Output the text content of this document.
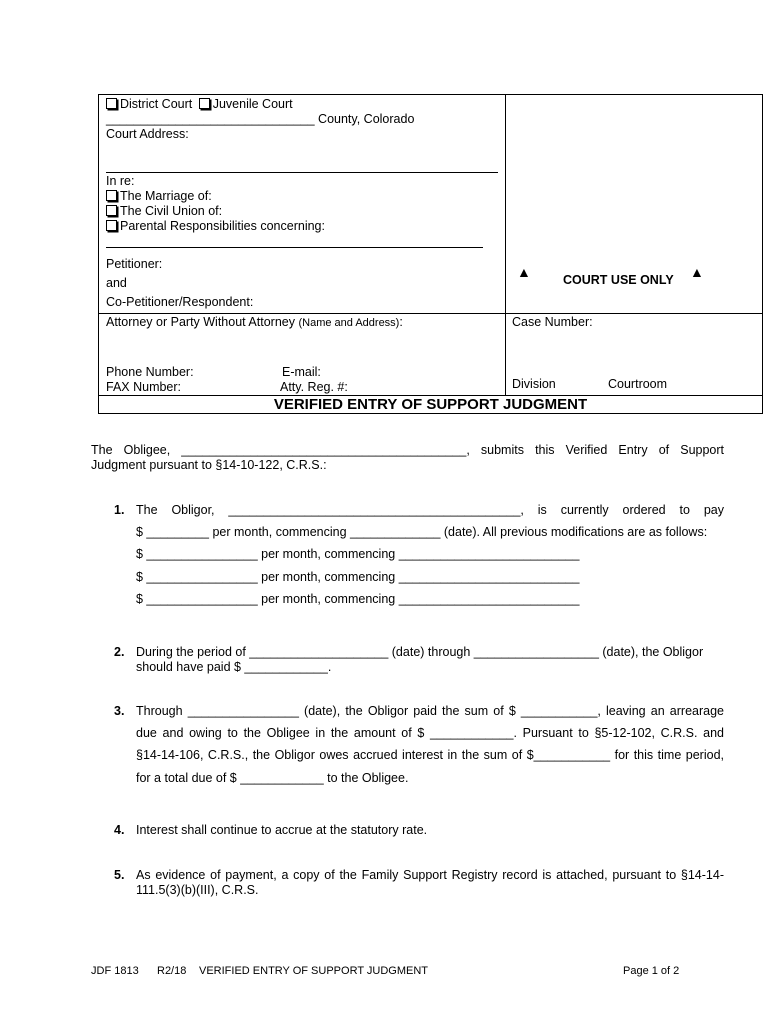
District Court Juvenile Court
______________________________ County, Colorado
Court Address:
In re:
The Marriage of:
The Civil Union of:
Parental Responsibilities concerning:
Petitioner:
and
Co-Petitioner/Respondent:
▲	COURT USE ONLY ▲
Attorney or Party Without Attorney (Name and Address):
Phone Number:	E-mail:
FAX Number:	Atty. Reg. #:
Case Number:
Division	Courtroom
VERIFIED ENTRY OF SUPPORT JUDGMENT
The Obligee, _________________________________________, submits this Verified Entry of Support
Judgment pursuant to §14-10-122, C.R.S.:
1. The Obligor, __________________________________________, is currently ordered to pay
$ _________ per month, commencing _____________ (date). All previous modifications are as follows:
$ ________________ per month, commencing __________________________
$ ________________ per month, commencing __________________________
$ ________________ per month, commencing __________________________
2. During the period of ____________________ (date) through __________________ (date), the Obligor
should have paid $ ____________.
3. Through ________________ (date), the Obligor paid the sum of $ ___________, leaving an arrearage
due and owing to the Obligee in the amount of $ ____________. Pursuant to §5-12-102, C.R.S. and
§14-14-106, C.R.S., the Obligor owes accrued interest in the sum of $___________ for this time period,
for a total due of $ ____________ to the Obligee.
4. Interest shall continue to accrue at the statutory rate.
5. As evidence of payment, a copy of the Family Support Registry record is attached, pursuant to §14-14-
111.5(3)(b)(III), C.R.S.
JDF 1813 R2/18 VERIFIED ENTRY OF SUPPORT JUDGMENT	Page 1 of 2
